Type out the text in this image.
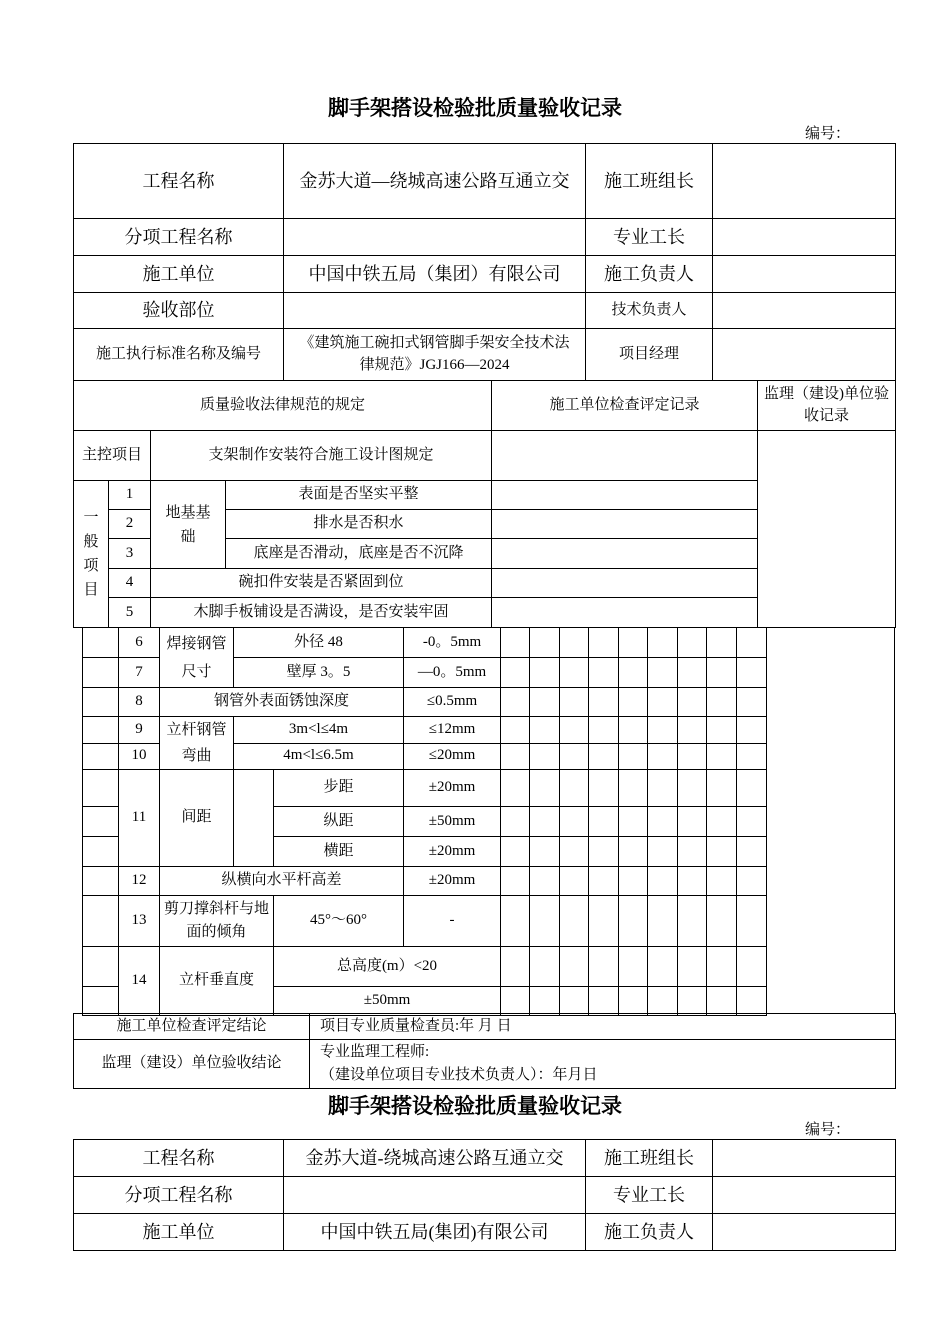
脚手架搭设检验批质量验收记录
编号：
工程名称	金苏大道—绕城高速公路互通立交	施工班组长	
分项工程名称		专业工长	
施工单位	中国中铁五局（集团）有限公司	施工负责人	
验收部位		技术负责人	
施工执行标准名称及编号	《建筑施工碗扣式钢管脚手架安全技术法律规范》JGJ166—2024	项目经理	
质量验收法律规范的规定				施工单位检查评定记录	监理（建设)单位验收记录
主控项目		支架制作安装符合施工设计图规定			
一般项目	1	地基基础	表面是否坚实平整		
	2		排水是否积水		
	3		底座是否滑动，底座是否不沉降		
	4	碗扣件安装是否紧固到位			
	5	木脚手板铺设是否满设，是否安装牢固			
	6	焊接钢管尺寸	外径 48		-0。5mm									
	7		壁厚 3。5		—0。5mm									
	8	钢管外表面锈蚀深度			≤0.5mm									
	9	立杆钢管弯曲	3m<l≤4m		≤12mm									
	10		4m<l≤6.5m		≤20mm									
	11	间距		步距	±20mm									
				纵距	±50mm									
				横距	±20mm									
	12	纵横向水平杆高差			±20mm									
	13	剪刀撑斜杆与地面的倾角		45°～60°	-									
	14	立杆垂直度		总高度(m）<20										
				±50mm										
施工单位检查评定结论	项目专业质量检查员:年 月 日
监理（建设）单位验收结论	专业监理工程师:
（建设单位项目专业技术负责人）：年月日
脚手架搭设检验批质量验收记录
编号：
工程名称	金苏大道-绕城高速公路互通立交	施工班组长	
分项工程名称		专业工长	
施工单位	中国中铁五局(集团)有限公司	施工负责人	
